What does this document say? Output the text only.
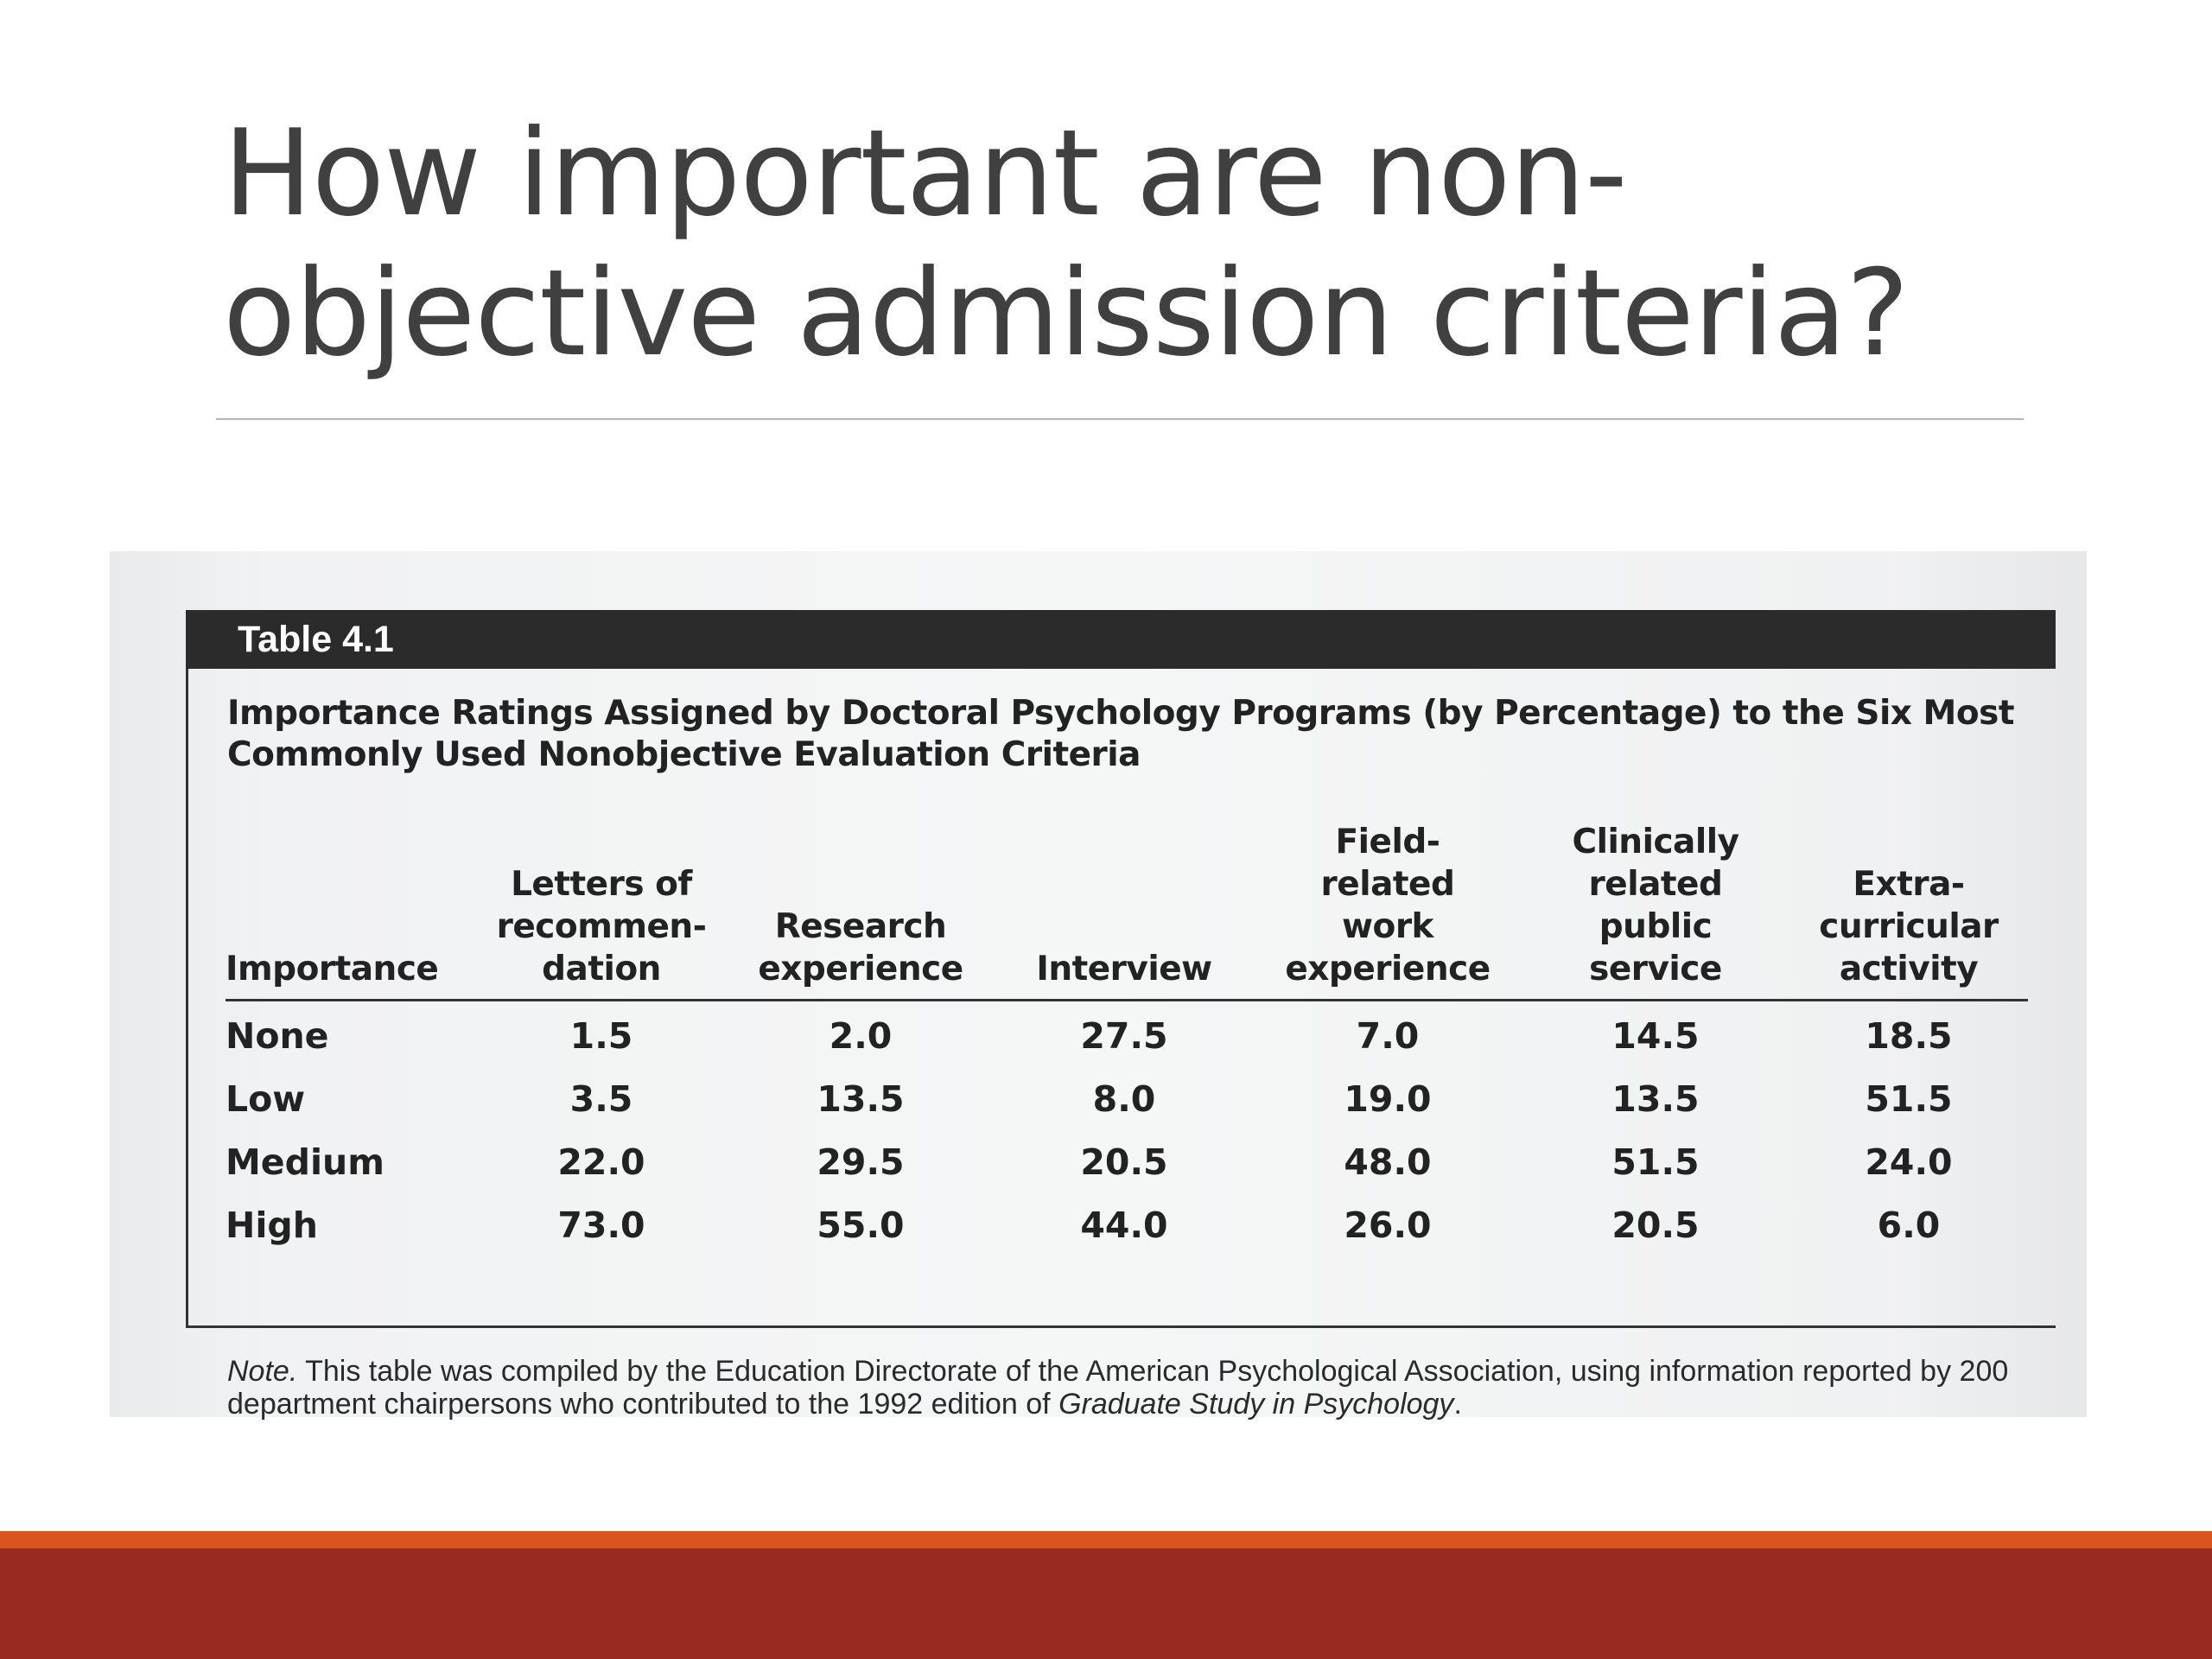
How important are non-
objective admission criteria?
Table 4.1
Importance Ratings Assigned by Doctoral Psychology Programs (by Percentage) to the Six Most
Commonly Used Nonobjective Evaluation Criteria
Importance	Letters of
recommen-
dation	Research
experience	Interview	Field-
related
work
experience	Clinically
related
public
service	Extra-
curricular
activity
None	1.5	2.0	27.5	7.0	14.5	18.5
Low	3.5	13.5	8.0	19.0	13.5	51.5
Medium	22.0	29.5	20.5	48.0	51.5	24.0
High	73.0	55.0	44.0	26.0	20.5	6.0
Note. This table was compiled by the Education Directorate of the American Psychological Association, using information reported by 200 department chairpersons who contributed to the 1992 edition of Graduate Study in Psychology.
